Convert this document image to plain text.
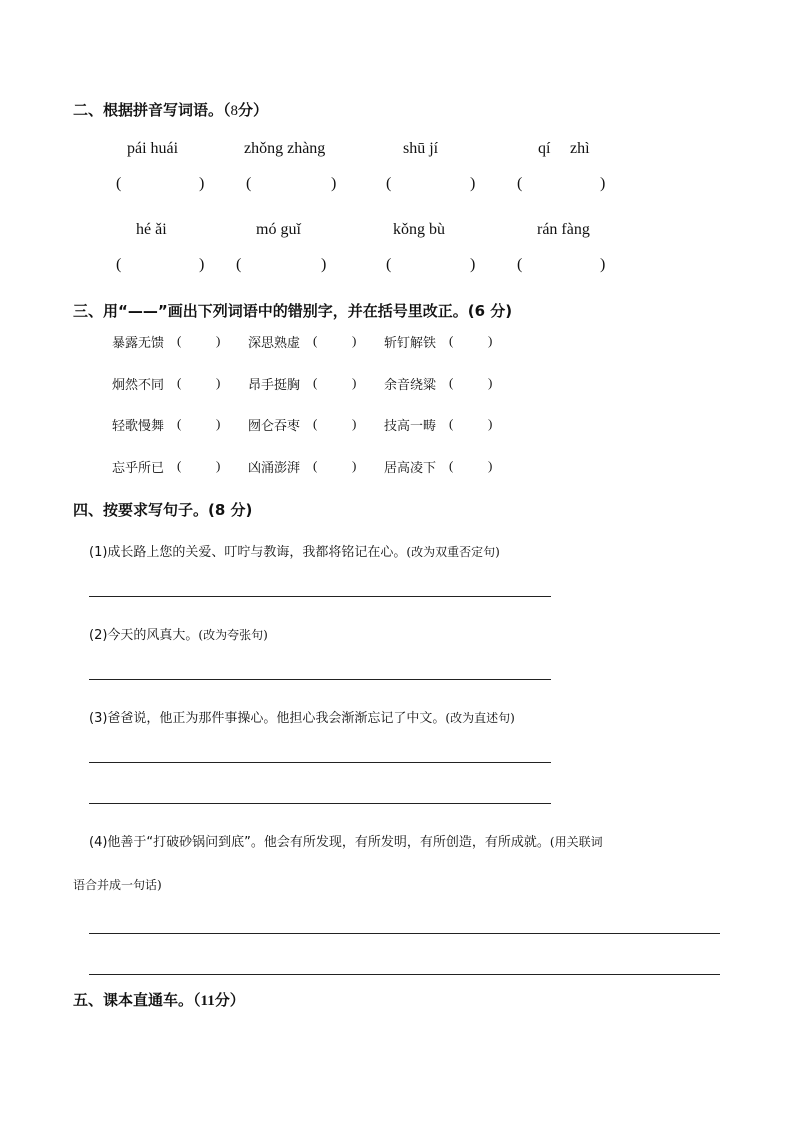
二、根据拼音写词语。（8分）
pái huái	zhǒng zhàng	shū jí	qí zhì
(	)	(	)	(	)	(	)
hé ǎi	mó guǐ	kǒng bù	rán fàng
(	) (	)	(	)	(	)
三、用“——”画出下列词语中的错别字，并在括号里改正。(6 分)
暴露无馈 (	) 深思熟虚 (	) 斩钉解铁 (	)
炯然不同 (	) 昂手挺胸 (	) 余音绕粱 (	)
轻歌慢舞 (	) 囫仑吞枣 (	) 技高一畴 (	)
忘乎所已 (	) 凶涌澎湃 (	) 居高凌下 (	)
四、按要求写句子。(8 分)
(1)成长路上您的关爱、叮咛与教诲，我都将铭记在心。(改为双重否定句)
(2)今天的风真大。(改为夸张句)
(3)爸爸说，他正为那件事操心。他担心我会渐渐忘记了中文。(改为直述句)
(4)他善于“打破砂锅问到底”。他会有所发现，有所发明，有所创造，有所成就。(用关联词
语合并成一句话)
五、课本直通车。（11分）
